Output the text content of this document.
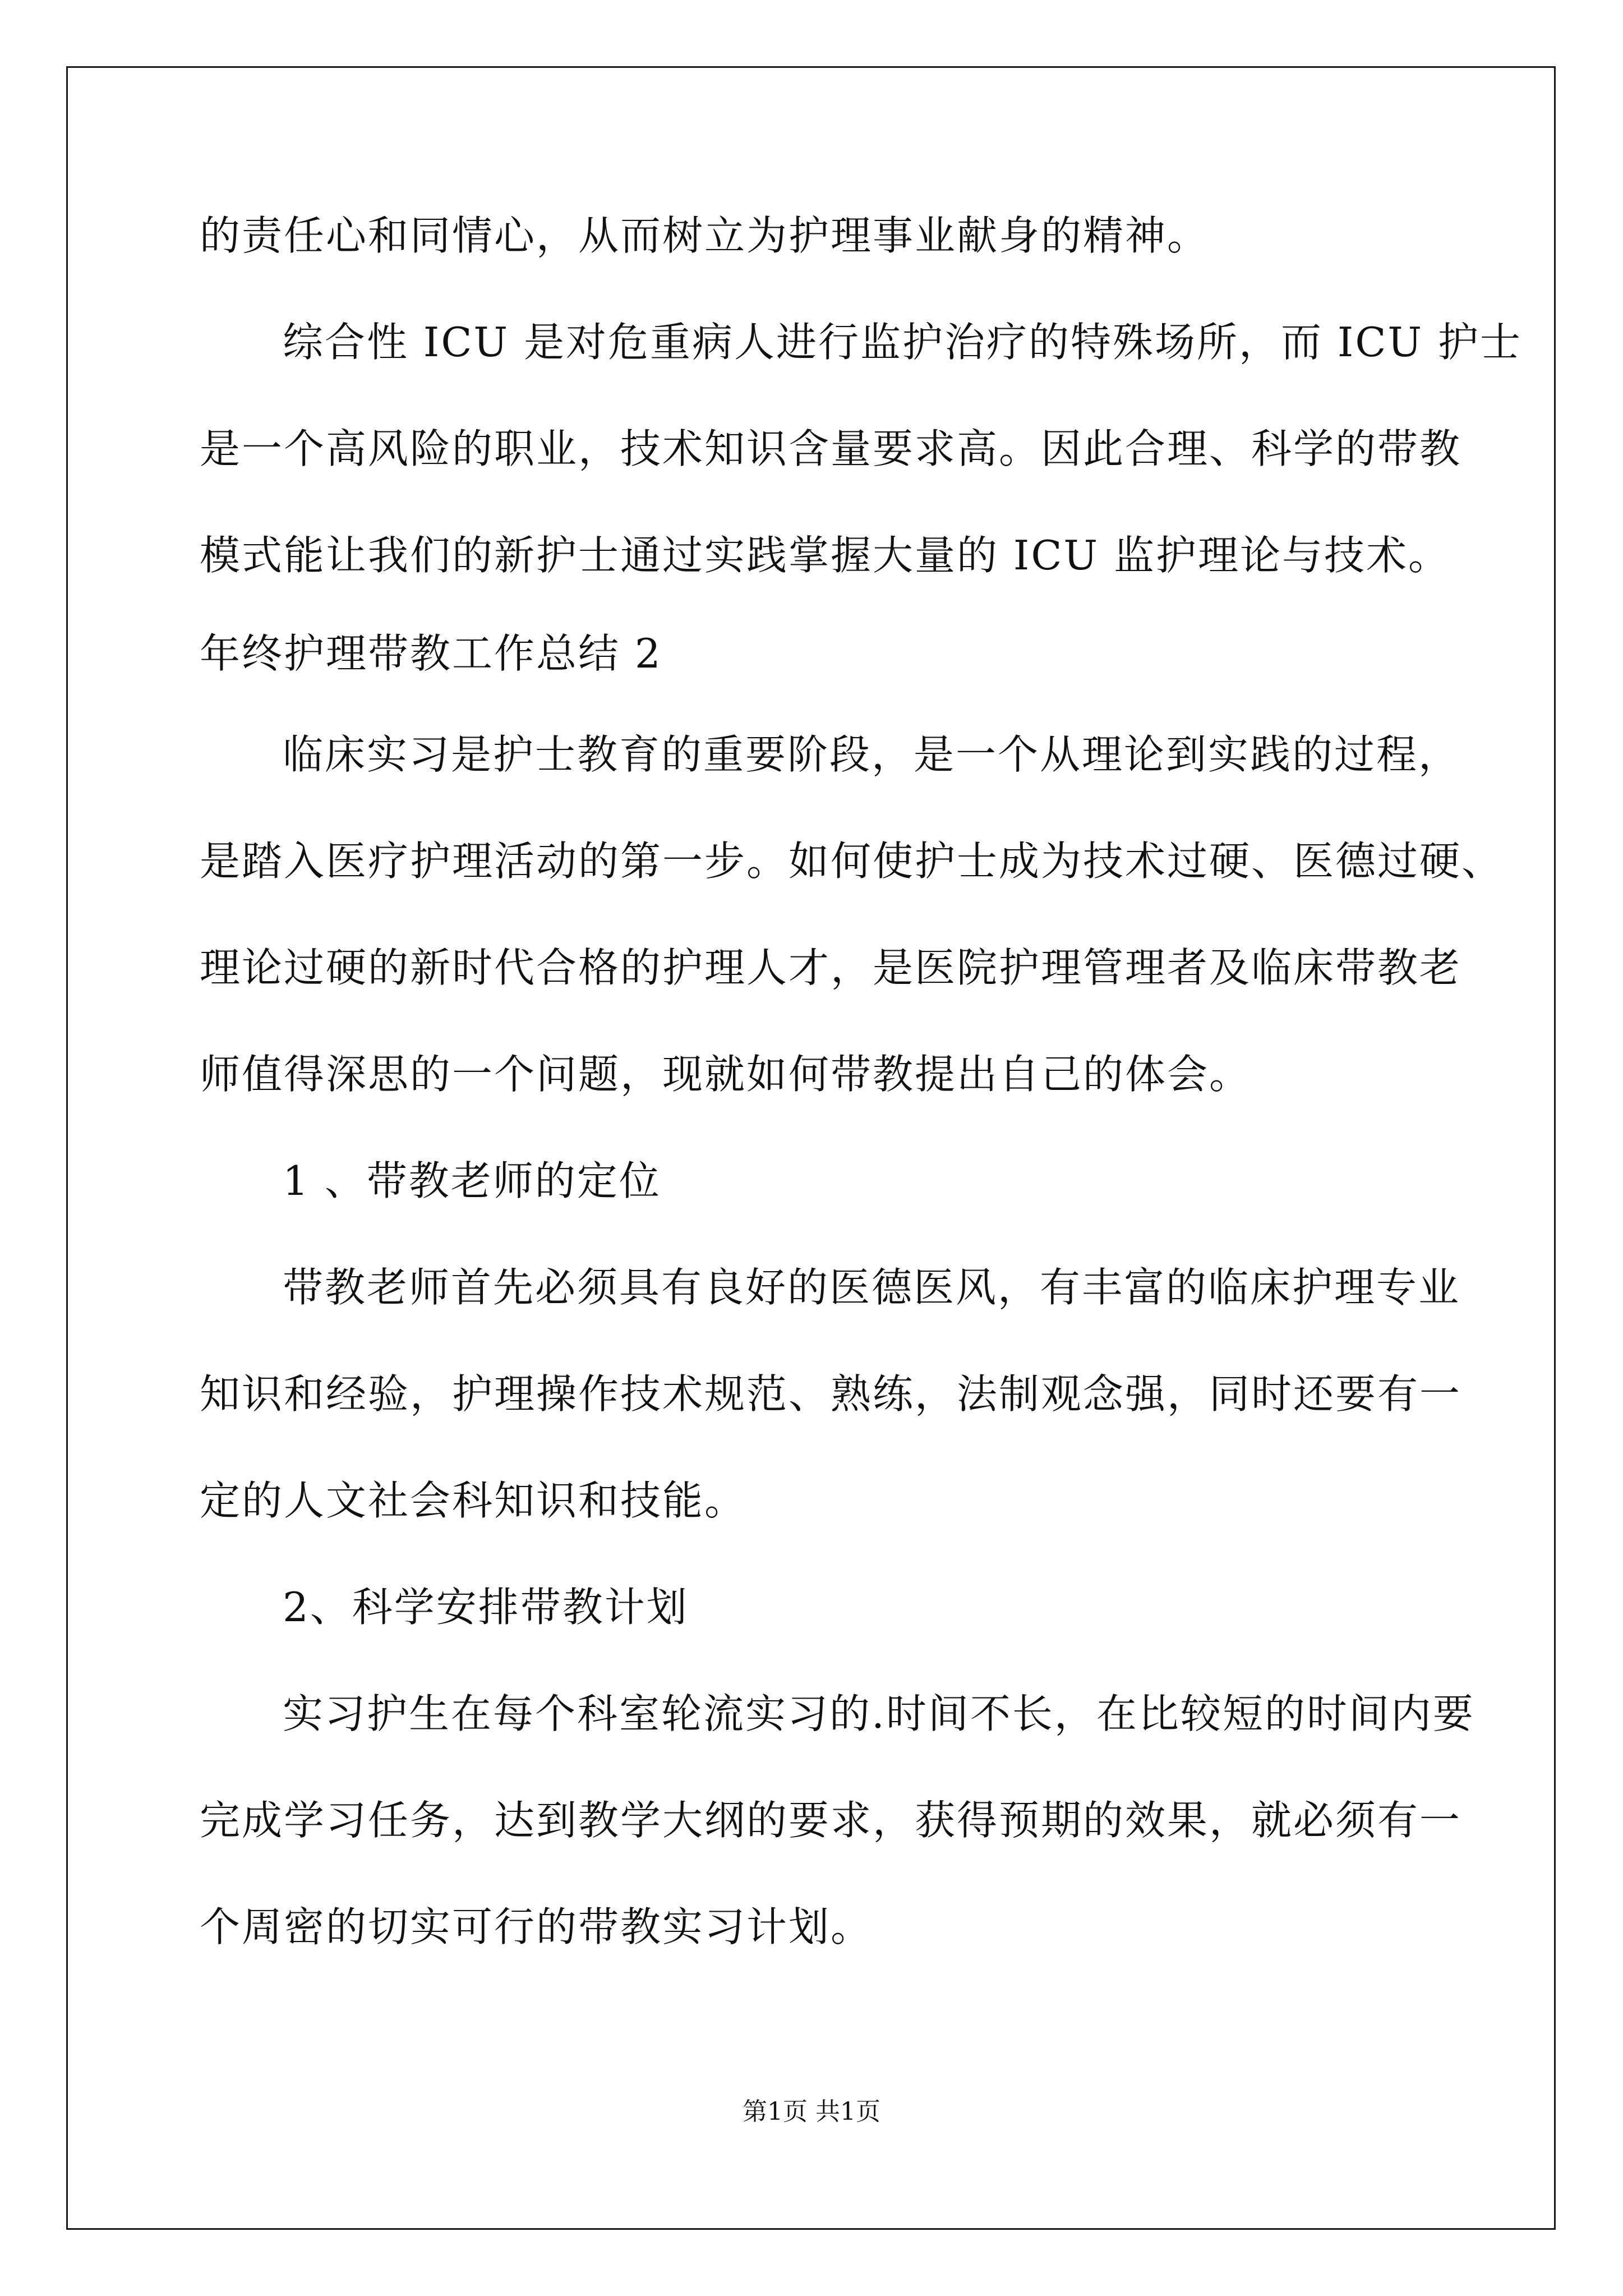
的责任心和同情心，从而树立为护理事业献身的精神。
综合性 ICU 是对危重病人进行监护治疗的特殊场所，而 ICU 护士
是一个高风险的职业，技术知识含量要求高。因此合理、科学的带教
模式能让我们的新护士通过实践掌握大量的 ICU 监护理论与技术。
年终护理带教工作总结 2
临床实习是护士教育的重要阶段，是一个从理论到实践的过程，
是踏入医疗护理活动的第一步。如何使护士成为技术过硬、医德过硬、
理论过硬的新时代合格的护理人才，是医院护理管理者及临床带教老
师值得深思的一个问题，现就如何带教提出自己的体会。
1 、带教老师的定位
带教老师首先必须具有良好的医德医风，有丰富的临床护理专业
知识和经验，护理操作技术规范、熟练，法制观念强，同时还要有一
定的人文社会科知识和技能。
2、科学安排带教计划
实习护生在每个科室轮流实习的.时间不长，在比较短的时间内要
完成学习任务，达到教学大纲的要求，获得预期的效果，就必须有一
个周密的切实可行的带教实习计划。
第1页 共1页
